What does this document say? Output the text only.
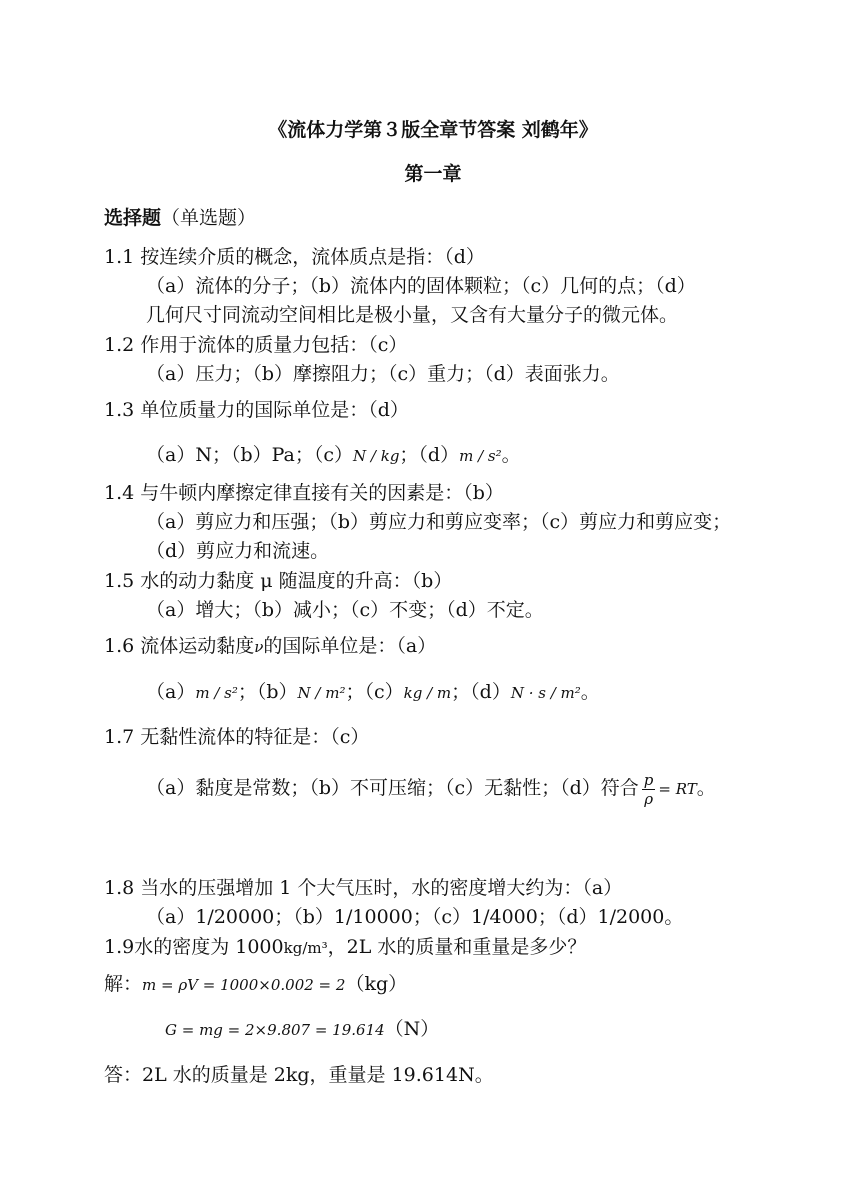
《流体力学第３版全章节答案 刘鹤年》
第一章
选择题（单选题）
1.1 按连续介质的概念，流体质点是指：（d）
（a）流体的分子；（b）流体内的固体颗粒；（c）几何的点；（d）
几何尺寸同流动空间相比是极小量，又含有大量分子的微元体。
1.2 作用于流体的质量力包括：（c）
（a）压力；（b）摩擦阻力；（c）重力；（d）表面张力。
1.3 单位质量力的国际单位是：（d）
（a）N；（b）Pa；（c）N / kg；（d）m / s²。
1.4 与牛顿内摩擦定律直接有关的因素是：（b）
（a）剪应力和压强；（b）剪应力和剪应变率；（c）剪应力和剪应变；
（d）剪应力和流速。
1.5 水的动力黏度 μ 随温度的升高：（b）
（a）增大；（b）减小；（c）不变；（d）不定。
1.6 流体运动黏度ν的国际单位是：（a）
（a）m / s²；（b）N / m²；（c）kg / m；（d）N · s / m²。
1.7 无黏性流体的特征是：（c）
（a）黏度是常数；（b）不可压缩；（c）无黏性；（d）符合 $\frac{p}{\rho}$ = RT。
1.8 当水的压强增加 1 个大气压时，水的密度增大约为：（a）
（a）1/20000；（b）1/10000；（c）1/4000；（d）1/2000。
1.9水的密度为 1000kg/m³，2L 水的质量和重量是多少？
解：m = ρV = 1000×0.002 = 2（kg）
G = mg = 2×9.807 = 19.614（N）
答：2L 水的质量是 2kg，重量是 19.614N。
